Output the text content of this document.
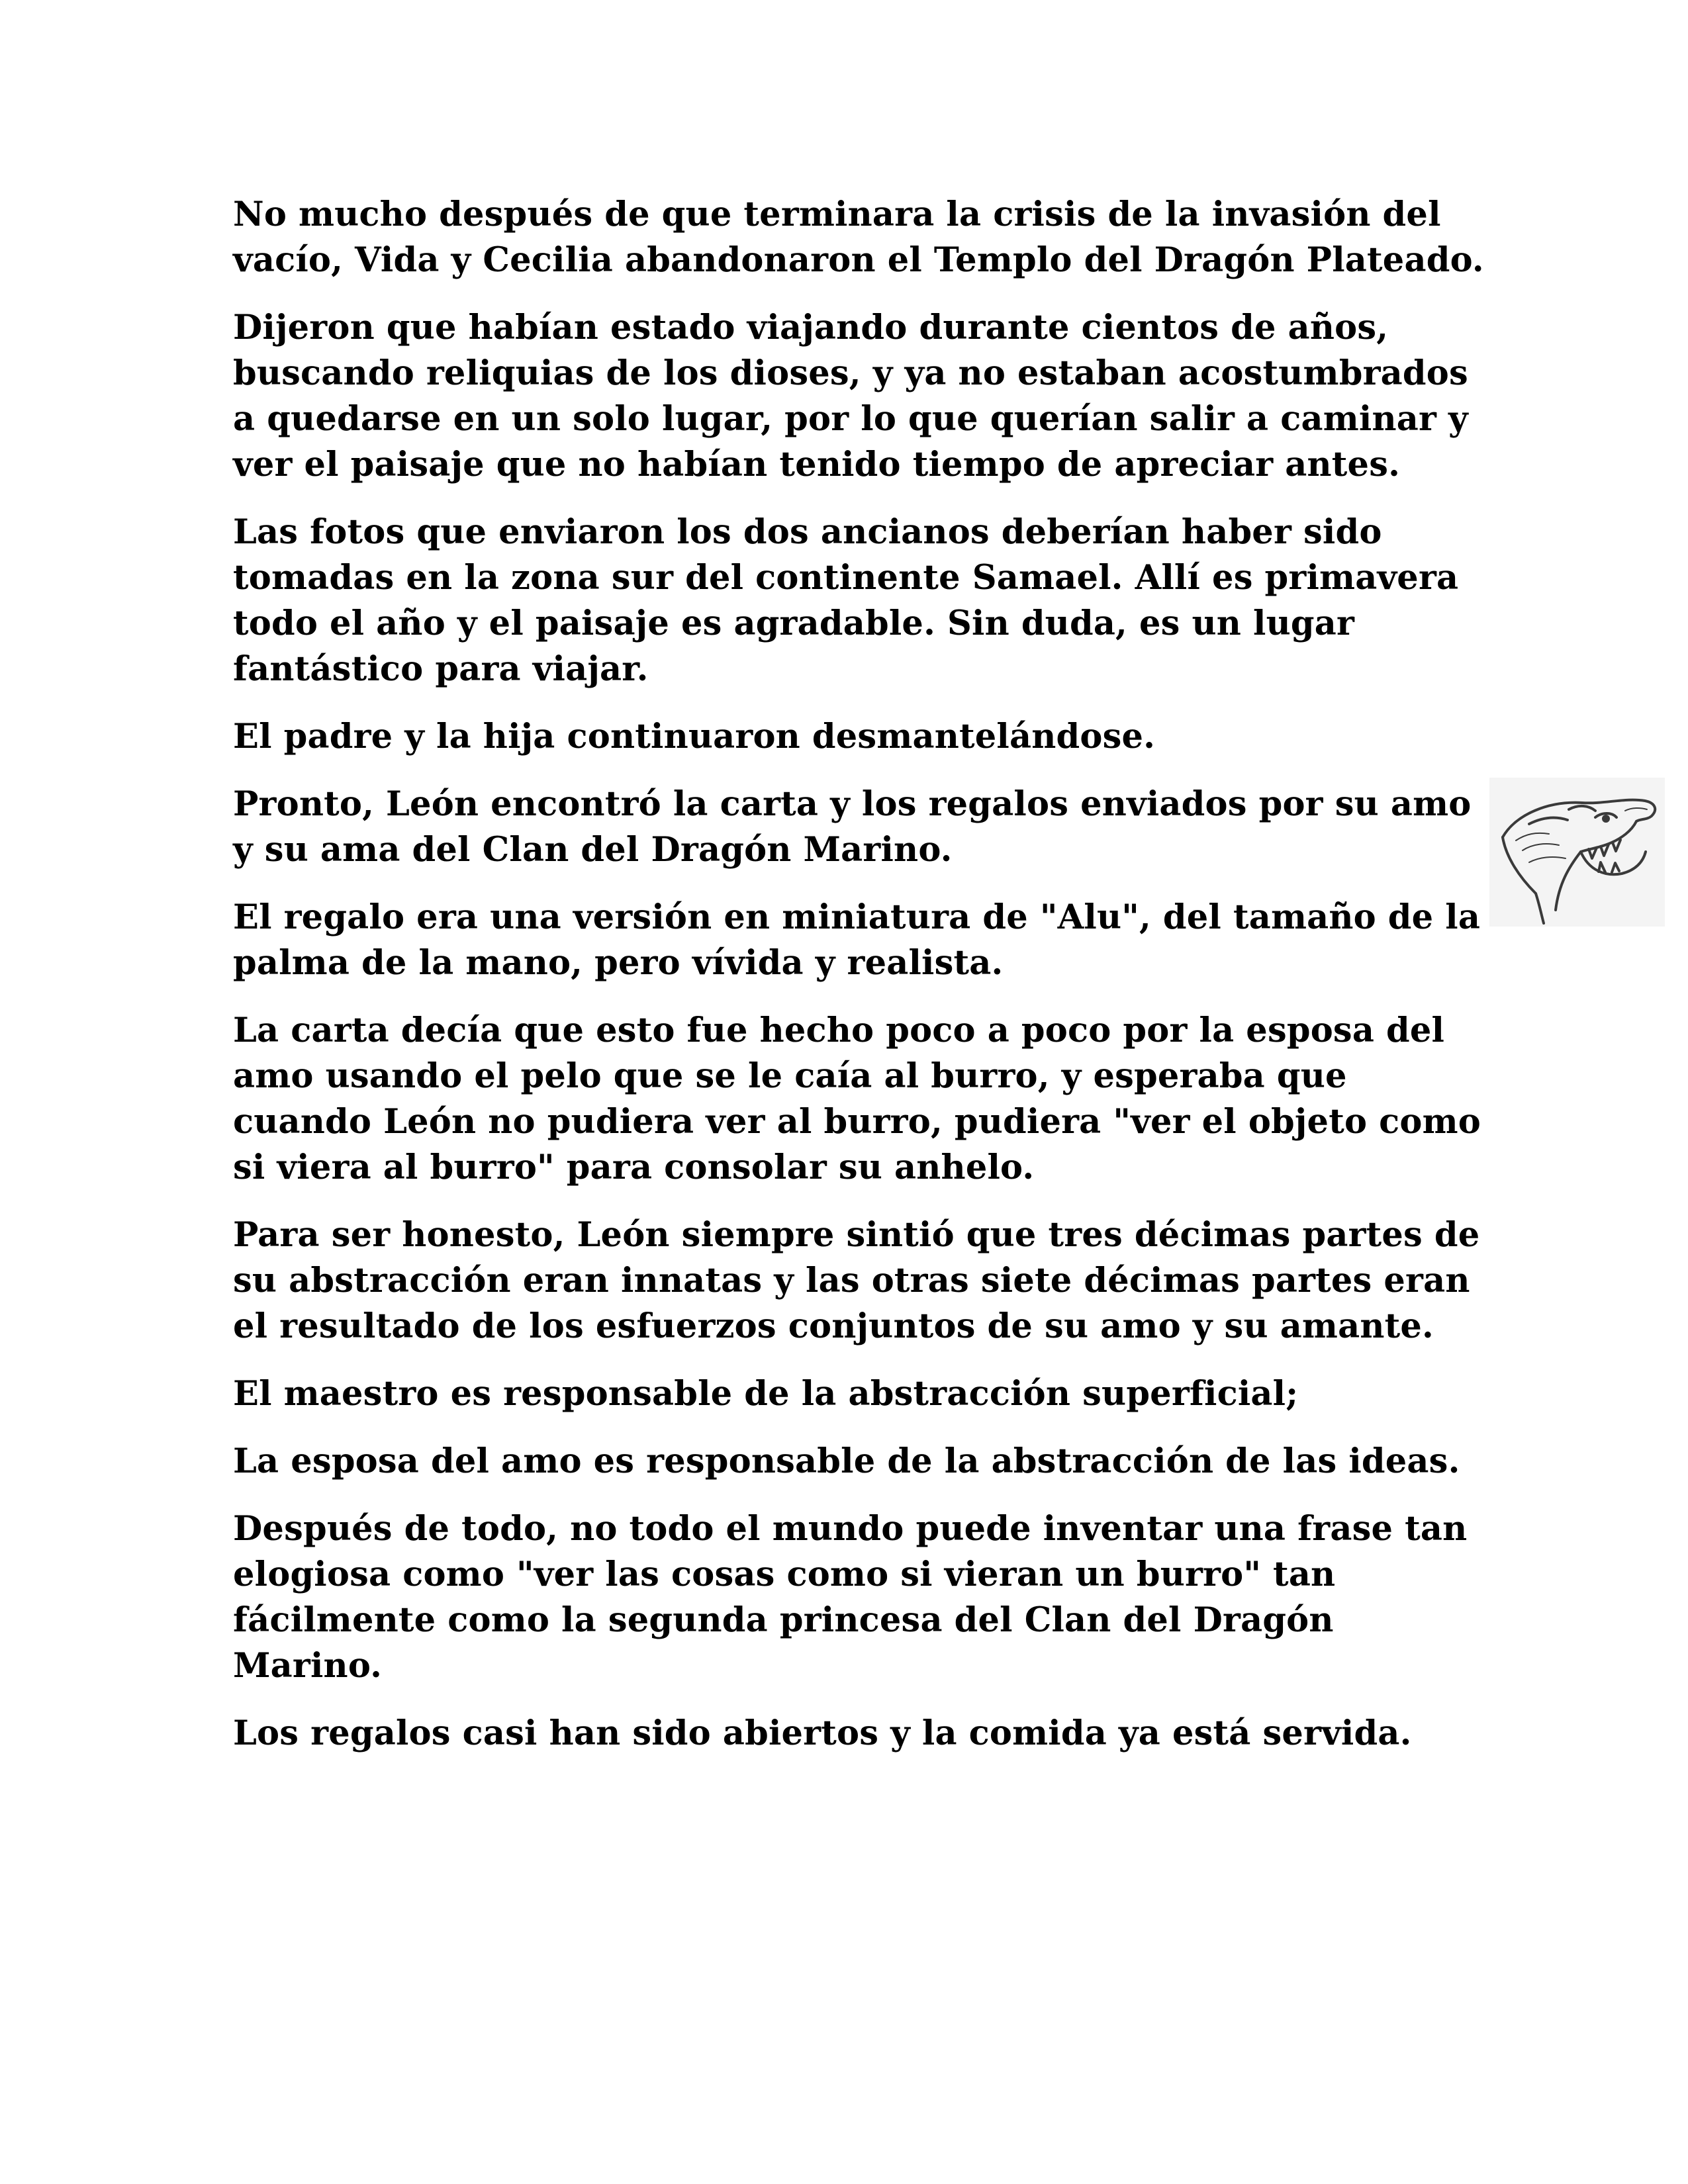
No mucho después de que terminara la crisis de la invasión del vacío, Vida y Cecilia abandonaron el Templo del Dragón Plateado.

Dijeron que habían estado viajando durante cientos de años, buscando reliquias de los dioses, y ya no estaban acostumbrados a quedarse en un solo lugar, por lo que querían salir a caminar y ver el paisaje que no habían tenido tiempo de apreciar antes.

Las fotos que enviaron los dos ancianos deberían haber sido tomadas en la zona sur del continente Samael. Allí es primavera todo el año y el paisaje es agradable. Sin duda, es un lugar fantástico para viajar.

El padre y la hija continuaron desmantelándose.

Pronto, León encontró la carta y los regalos enviados por su amo y su ama del Clan del Dragón Marino.

El regalo era una versión en miniatura de "Alu", del tamaño de la palma de la mano, pero vívida y realista.

La carta decía que esto fue hecho poco a poco por la esposa del amo usando el pelo que se le caía al burro, y esperaba que cuando León no pudiera ver al burro, pudiera "ver el objeto como si viera al burro" para consolar su anhelo.

Para ser honesto, León siempre sintió que tres décimas partes de su abstracción eran innatas y las otras siete décimas partes eran el resultado de los esfuerzos conjuntos de su amo y su amante.

El maestro es responsable de la abstracción superficial;

La esposa del amo es responsable de la abstracción de las ideas.

Después de todo, no todo el mundo puede inventar una frase tan elogiosa como "ver las cosas como si vieran un burro" tan fácilmente como la segunda princesa del Clan del Dragón Marino.

Los regalos casi han sido abiertos y la comida ya está servida.
